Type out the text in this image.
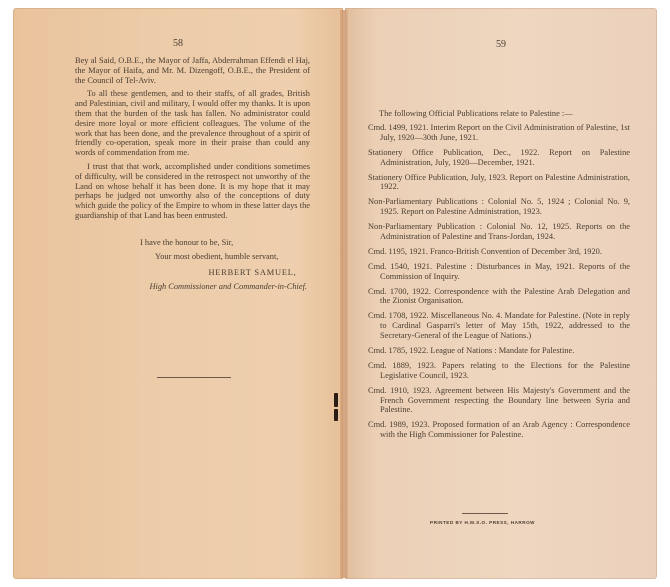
58

Bey al Said, O.B.E., the Mayor of Jaffa, Abderrahman Effendi el Haj, the Mayor of Haifa, and Mr. M. Dizengoff, O.B.E., the President of the Council of Tel-Aviv.

To all these gentlemen, and to their staffs, of all grades, British and Palestinian, civil and military, I would offer my thanks. It is upon them that the burden of the task has fallen. No administrator could desire more loyal or more efficient colleagues. The volume of the work that has been done, and the prevalence throughout of a spirit of friendly co-operation, speak more in their praise than could any words of commendation from me.

I trust that that work, accomplished under conditions sometimes of difficulty, will be considered in the retrospect not unworthy of the Land on whose behalf it has been done. It is my hope that it may perhaps be judged not unworthy also of the conceptions of duty which guide the policy of the Empire to whom in these latter days the guardianship of that Land has been entrusted.

I have the honour to be, Sir,
Your most obedient, humble servant,
HERBERT SAMUEL,
High Commissioner and Commander-in-Chief.
59
The following Official Publications relate to Palestine :—
Cmd. 1499, 1921. Interim Report on the Civil Administration of Palestine, 1st July, 1920—30th June, 1921.
Stationery Office Publication, Dec., 1922. Report on Palestine Administration, July, 1920—December, 1921.
Stationery Office Publication, July, 1923. Report on Palestine Administration, 1922.
Non-Parliamentary Publications : Colonial No. 5, 1924 ; Colonial No. 9, 1925. Report on Palestine Administration, 1923.
Non-Parliamentary Publication : Colonial No. 12, 1925. Reports on the Administration of Palestine and Trans-Jordan, 1924.
Cmd. 1195, 1921. Franco-British Convention of December 3rd, 1920.
Cmd. 1540, 1921. Palestine : Disturbances in May, 1921. Reports of the Commission of Inquiry.
Cmd. 1700, 1922. Correspondence with the Palestine Arab Delegation and the Zionist Organisation.
Cmd. 1708, 1922. Miscellaneous No. 4. Mandate for Palestine. (Note in reply to Cardinal Gasparri's letter of May 15th, 1922, addressed to the Secretary-General of the League of Nations.)
Cmd. 1785, 1922. League of Nations : Mandate for Palestine.
Cmd. 1889, 1923. Papers relating to the Elections for the Palestine Legislative Council, 1923.
Cmd. 1910, 1923. Agreement between His Majesty's Government and the French Government respecting the Boundary line between Syria and Palestine.
Cmd. 1989, 1923. Proposed formation of an Arab Agency : Correspondence with the High Commissioner for Palestine.
PRINTED BY H.M.S.O. PRESS, HARROW
